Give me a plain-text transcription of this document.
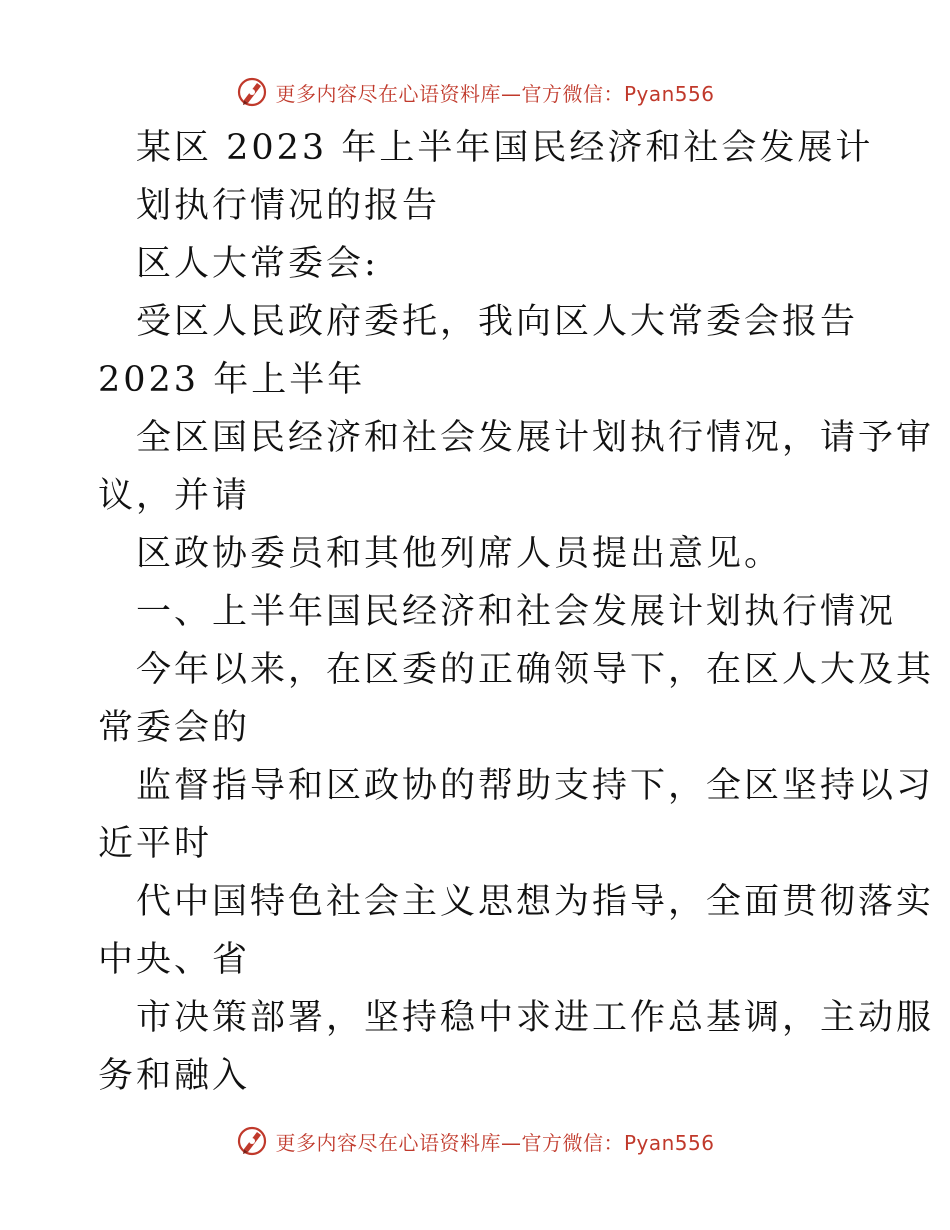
更多内容尽在心语资料库—官方微信：Pyan556
某区 2023 年上半年国民经济和社会发展计
划执行情况的报告
区人大常委会:
受区人民政府委托，我向区人大常委会报告
2023 年上半年
全区国民经济和社会发展计划执行情况，请予审
议，并请
区政协委员和其他列席人员提出意见。
一、上半年国民经济和社会发展计划执行情况
今年以来，在区委的正确领导下，在区人大及其
常委会的
监督指导和区政协的帮助支持下，全区坚持以习
近平时
代中国特色社会主义思想为指导，全面贯彻落实
中央、省
市决策部署，坚持稳中求进工作总基调，主动服
务和融入
更多内容尽在心语资料库—官方微信：Pyan556
